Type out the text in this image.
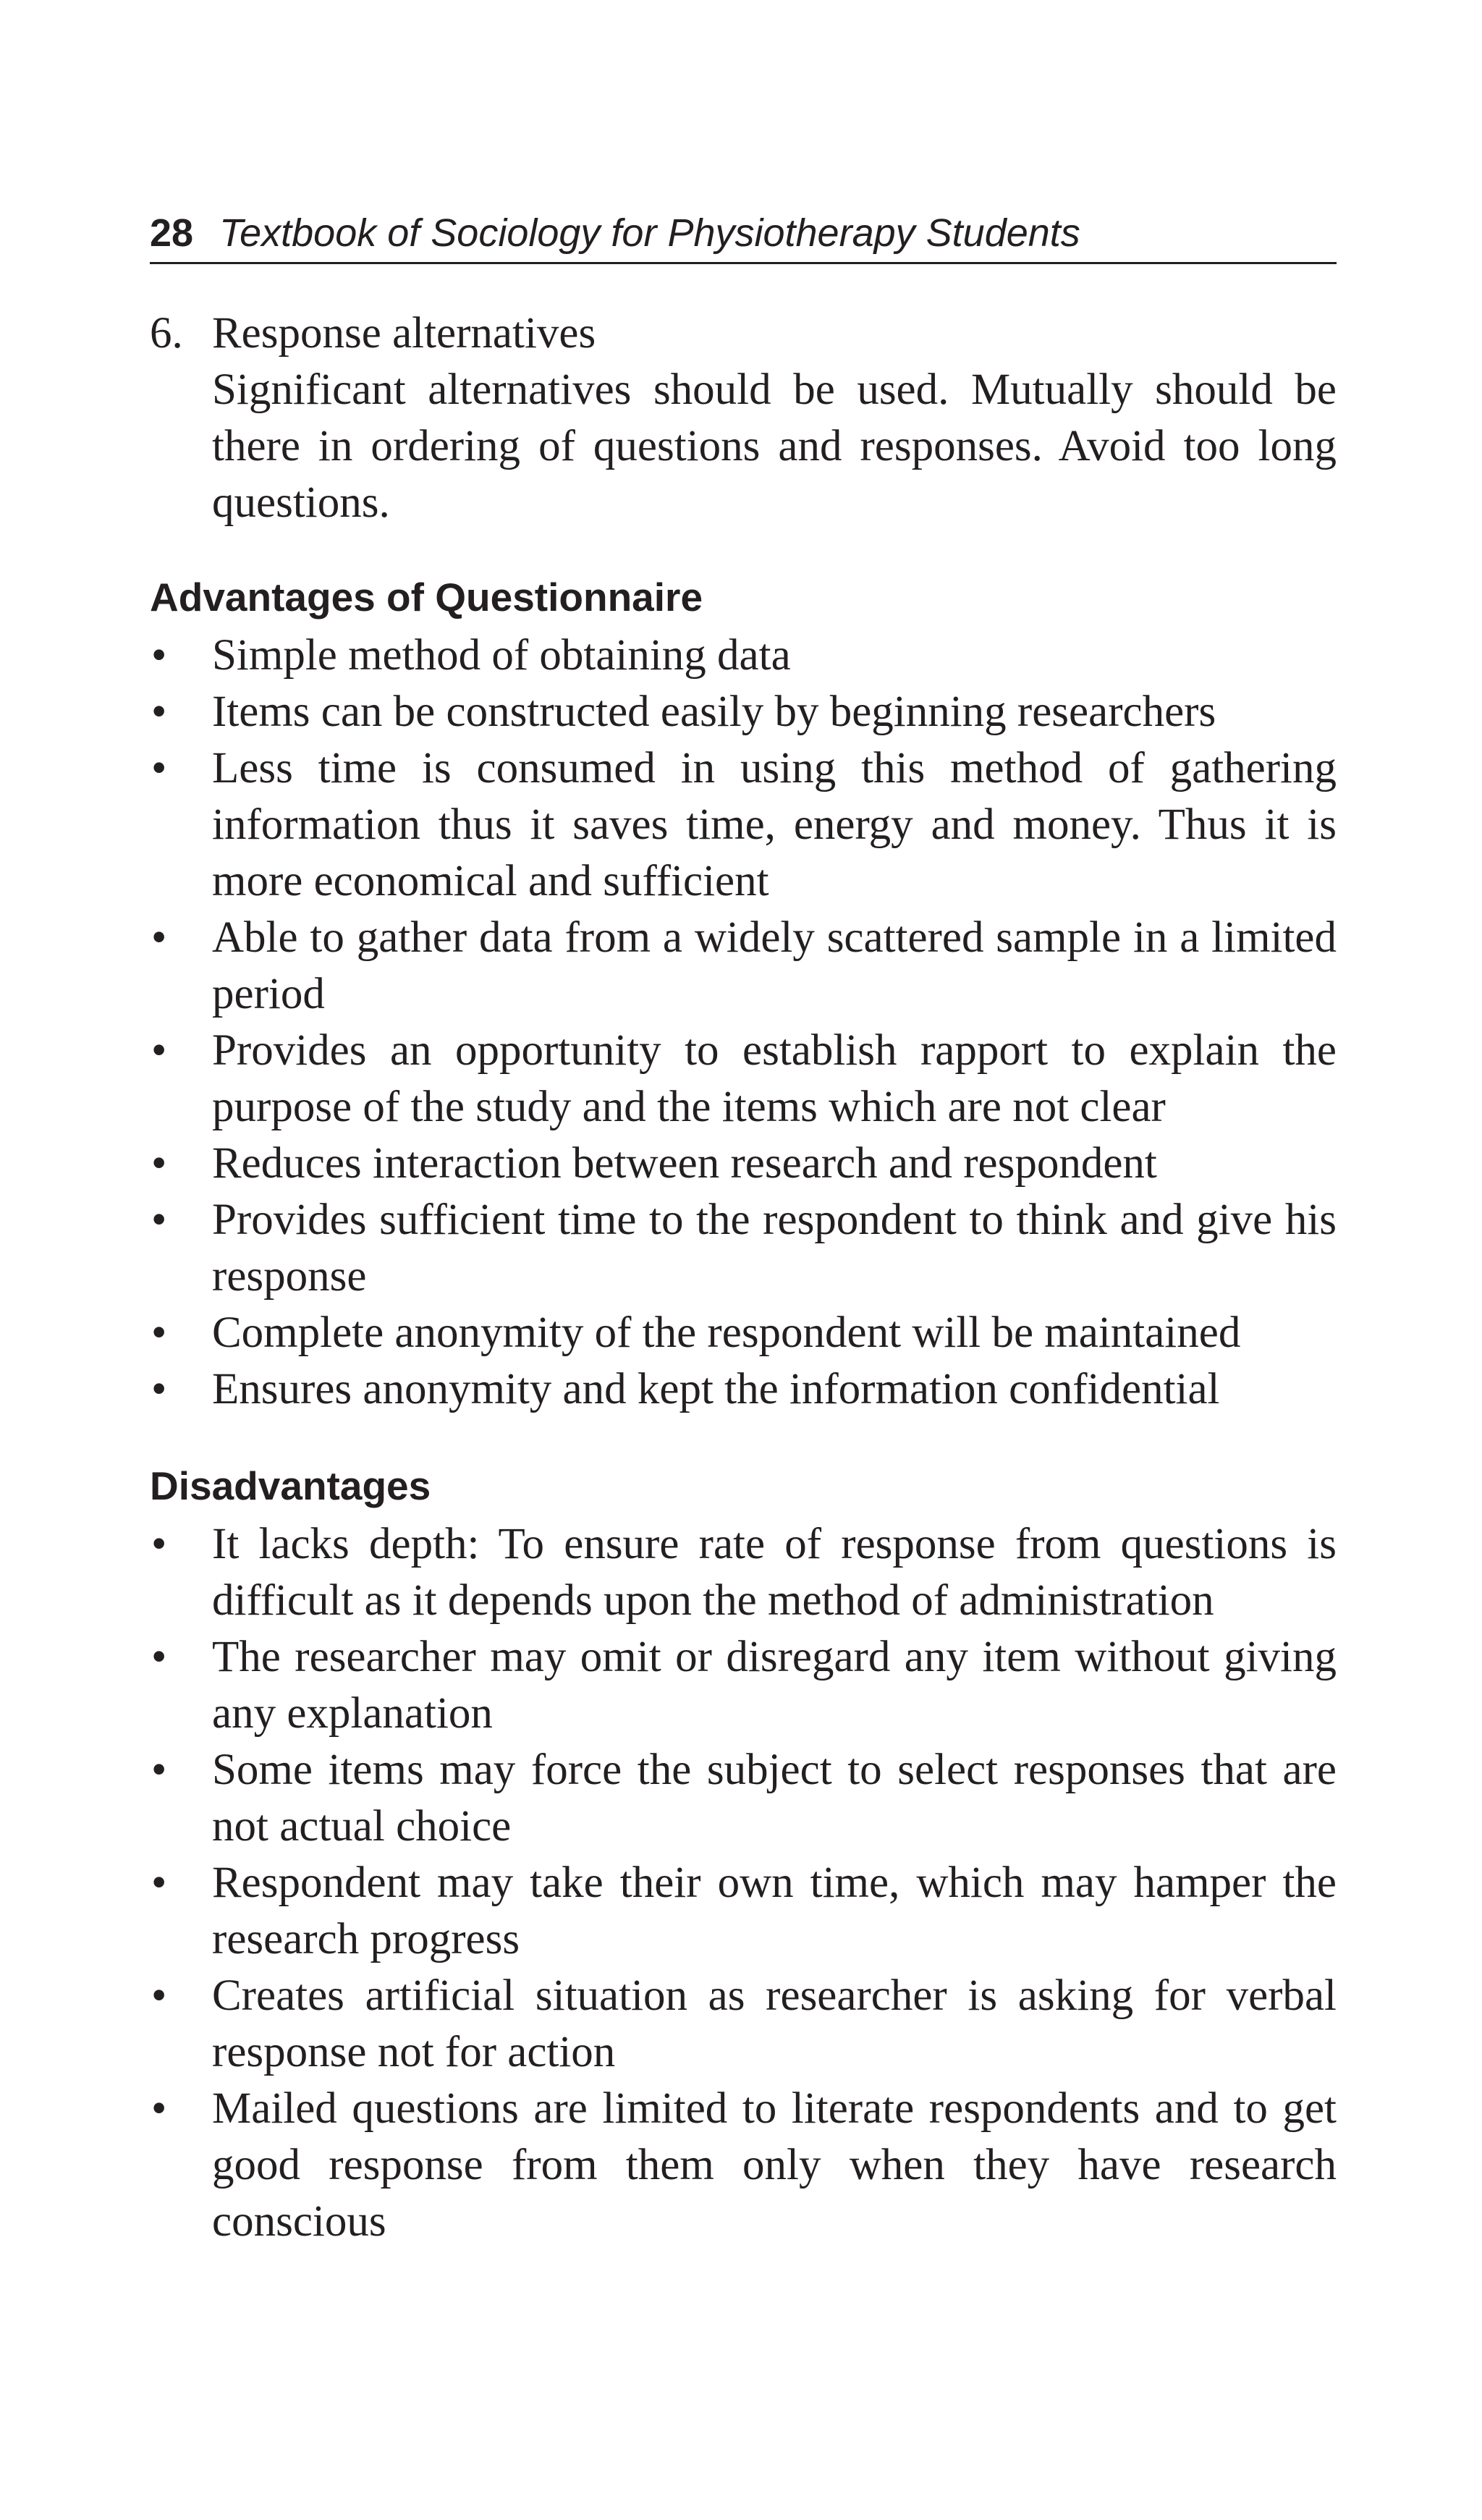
28 Textbook of Sociology for Physiotherapy Students
6. Response alternatives

Significant alternatives should be used. Mutually should be there in ordering of questions and responses. Avoid too long questions.

Advantages of Questionnaire
•	Simple method of obtaining data
•	Items can be constructed easily by beginning researchers
•	Less time is consumed in using this method of gathering information thus it saves time, energy and money. Thus it is more economical and sufficient
•	Able to gather data from a widely scattered sample in a limited period
•	Provides an opportunity to establish rapport to explain the purpose of the study and the items which are not clear
•	Reduces interaction between research and respondent
•	Provides sufficient time to the respondent to think and give his response
•	Complete anonymity of the respondent will be maintained
•	Ensures anonymity and kept the information confidential
Disadvantages
•	It lacks depth: To ensure rate of response from questions is difficult as it depends upon the method of administration
•	The researcher may omit or disregard any item without giving any explanation
•	Some items may force the subject to select responses that are not actual choice
•	Respondent may take their own time, which may hamper the research progress
•	Creates artificial situation as researcher is asking for verbal response not for action
•	Mailed questions are limited to literate respondents and to get good response from them only when they have research conscious
